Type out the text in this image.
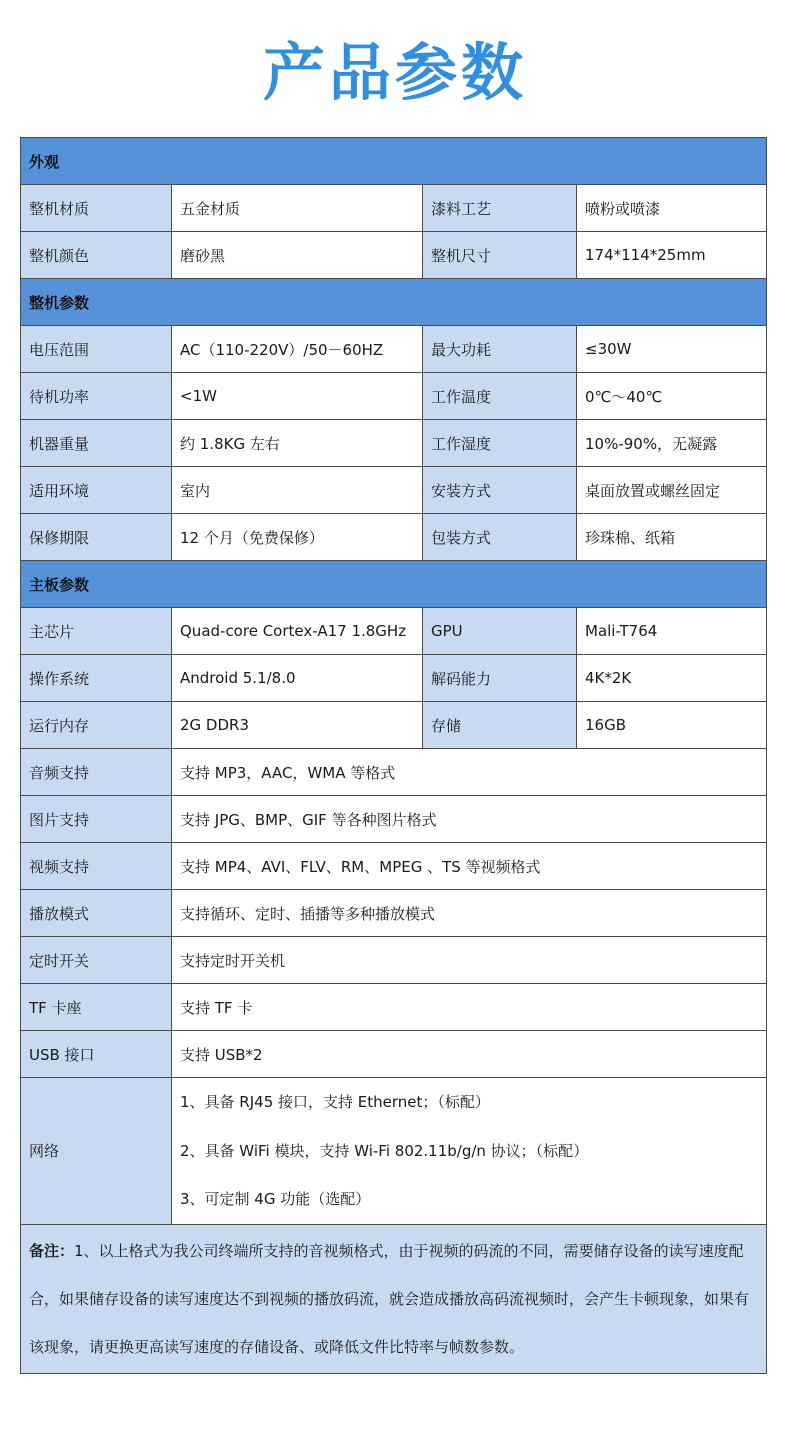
产品参数
外观			
整机材质	五金材质	漆料工艺	喷粉或喷漆
整机颜色	磨砂黑	整机尺寸	174*114*25mm
整机参数			
电压范围	AC（110-220V）/50－60HZ	最大功耗	≤30W
待机功率	<1W	工作温度	0℃～40℃
机器重量	约 1.8KG 左右	工作湿度	10%-90%，无凝露
适用环境	室内	安装方式	桌面放置或螺丝固定
保修期限	12 个月（免费保修）	包装方式	珍珠棉、纸箱
主板参数			
主芯片	Quad-core Cortex-A17 1.8GHz	GPU	Mali-T764
操作系统	Android 5.1/8.0	解码能力	4K*2K
运行内存	2G DDR3	存储	16GB
音频支持	支持 MP3，AAC，WMA 等格式		
图片支持	支持 JPG、BMP、GIF 等各种图片格式		
视频支持	支持 MP4、AVI、FLV、RM、MPEG 、TS 等视频格式		
播放模式	支持循环、定时、插播等多种播放模式		
定时开关	支持定时开关机		
TF 卡座	支持 TF 卡		
USB 接口	支持 USB*2		
网络	1、具备 RJ45 接口，支持 Ethernet；（标配）
2、具备 WiFi 模块，支持 Wi-Fi 802.11b/g/n 协议；（标配）
3、可定制 4G 功能（选配）		

备注：1、以上格式为我公司终端所支持的音视频格式，由于视频的码流的不同，需要储存设备的读写速度配合，如果储存设备的读写速度达不到视频的播放码流，就会造成播放高码流视频时，会产生卡顿现象，如果有该现象，请更换更高读写速度的存储设备、或降低文件比特率与帧数参数。			
